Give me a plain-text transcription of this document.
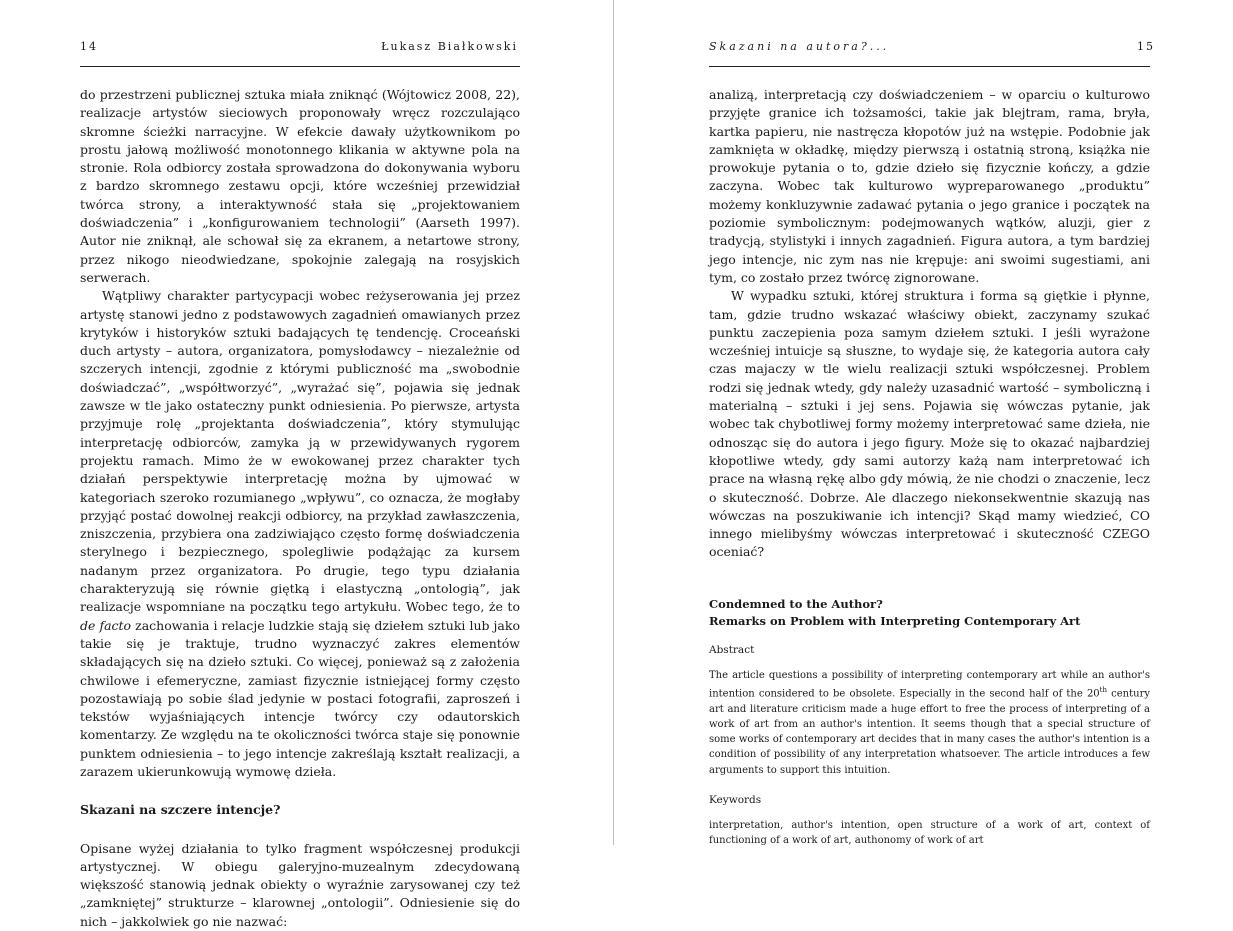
14	Łukasz Białkowski

do przestrzeni publicznej sztuka miała zniknąć (Wójtowicz 2008, 22), realizacje artystów sieciowych proponowały wręcz rozczulająco skromne ścieżki narracyjne. W efekcie dawały użytkownikom po prostu jałową możliwość monotonnego klikania w aktywne pola na stronie. Rola odbiorcy została sprowadzona do dokonywania wyboru z bardzo skromnego zestawu opcji, które wcześniej przewidział twórca strony, a interaktywność stała się „projektowaniem doświadczenia” i „konfigurowaniem technologii” (Aarseth 1997). Autor nie zniknął, ale schował się za ekranem, a netartowe strony, przez nikogo nieodwiedzane, spokojnie zalegają na rosyjskich serwerach.

Wątpliwy charakter partycypacji wobec reżyserowania jej przez artystę stanowi jedno z podstawowych zagadnień omawianych przez krytyków i historyków sztuki badających tę tendencję. Croceański duch artysty – autora, organizatora, pomysłodawcy – niezależnie od szczerych intencji, zgodnie z którymi publiczność ma „swobodnie doświadczać”, „współtworzyć”, „wyrażać się”, pojawia się jednak zawsze w tle jako ostateczny punkt odniesienia. Po pierwsze, artysta przyjmuje rolę „projektanta doświadczenia”, który stymulując interpretację odbiorców, zamyka ją w przewidywanych rygorem projektu ramach. Mimo że w ewokowanej przez charakter tych działań perspektywie interpretację można by ujmować w kategoriach szeroko rozumianego „wpływu”, co oznacza, że mogłaby przyjąć postać dowolnej reakcji odbiorcy, na przykład zawłaszczenia, zniszczenia, przybiera ona zadziwiająco często formę doświadczenia sterylnego i bezpiecznego, spolegliwie podążając za kursem nadanym przez organizatora. Po drugie, tego typu działania charakteryzują się równie giętką i elastyczną „ontologią”, jak realizacje wspomniane na początku tego artykułu. Wobec tego, że to de facto zachowania i relacje ludzkie stają się dziełem sztuki lub jako takie się je traktuje, trudno wyznaczyć zakres elementów składających się na dzieło sztuki. Co więcej, ponieważ są z założenia chwilowe i efemeryczne, zamiast fizycznie istniejącej formy często pozostawiają po sobie ślad jedynie w postaci fotografii, zaproszeń i tekstów wyjaśniających intencje twórcy czy odautorskich komentarzy. Ze względu na te okoliczności twórca staje się ponownie punktem odniesienia – to jego intencje zakreślają kształt realizacji, a zarazem ukierunkowują wymowę dzieła.

Skazani na szczere intencje?

Opisane wyżej działania to tylko fragment współczesnej produkcji artystycznej. W obiegu galeryjno-muzealnym zdecydowaną większość stanowią jednak obiekty o wyraźnie zarysowanej czy też „zamkniętej” strukturze – klarownej „ontologii”. Odniesienie się do nich – jakkolwiek go nie nazwać:

Skazani na autora?...	15

analizą, interpretacją czy doświadczeniem – w oparciu o kulturowo przyjęte granice ich tożsamości, takie jak blejtram, rama, bryła, kartka papieru, nie nastręcza kłopotów już na wstępie. Podobnie jak zamknięta w okładkę, między pierwszą i ostatnią stroną, książka nie prowokuje pytania o to, gdzie dzieło się fizycznie kończy, a gdzie zaczyna. Wobec tak kulturowo wypreparowanego „produktu” możemy konkluzywnie zadawać pytania o jego granice i początek na poziomie symbolicznym: podejmowanych wątków, aluzji, gier z tradycją, stylistyki i innych zagadnień. Figura autora, a tym bardziej jego intencje, nic zym nas nie krępuje: ani swoimi sugestiami, ani tym, co zostało przez twórcę zignorowane.

W wypadku sztuki, której struktura i forma są giętkie i płynne, tam, gdzie trudno wskazać właściwy obiekt, zaczynamy szukać punktu zaczepienia poza samym dziełem sztuki. I jeśli wyrażone wcześniej intuicje są słuszne, to wydaje się, że kategoria autora cały czas majaczy w tle wielu realizacji sztuki współczesnej. Problem rodzi się jednak wtedy, gdy należy uzasadnić wartość – symboliczną i materialną – sztuki i jej sens. Pojawia się wówczas pytanie, jak wobec tak chybotliwej formy możemy interpretować same dzieła, nie odnosząc się do autora i jego figury. Może się to okazać najbardziej kłopotliwe wtedy, gdy sami autorzy każą nam interpretować ich prace na własną rękę albo gdy mówią, że nie chodzi o znaczenie, lecz o skuteczność. Dobrze. Ale dlaczego niekonsekwentnie skazują nas wówczas na poszukiwanie ich intencji? Skąd mamy wiedzieć, CO innego mielibyśmy wówczas interpretować i skuteczność CZEGO oceniać?

Condemned to the Author?

Remarks on Problem with Interpreting Contemporary Art

Abstract

The article questions a possibility of interpreting contemporary art while an author's intention considered to be obsolete. Especially in the second half of the 20th century art and literature criticism made a huge effort to free the process of interpreting of a work of art from an author's intention. It seems though that a special structure of some works of contemporary art decides that in many cases the author's intention is a condition of possibility of any interpretation whatsoever. The article introduces a few arguments to support this intuition.

Keywords

interpretation, author's intention, open structure of a work of art, context of functioning of a work of art, authonomy of work of art
